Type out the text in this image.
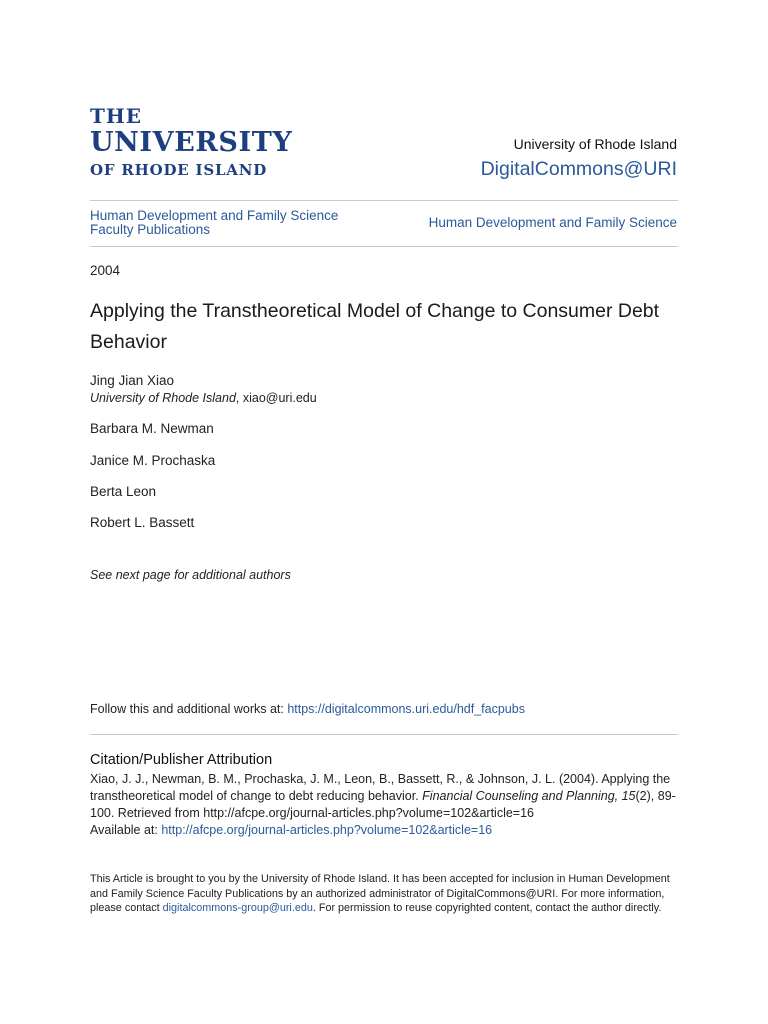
THE
UNIVERSITY
OF RHODE ISLAND
University of Rhode Island
DigitalCommons@URI
Human Development and Family Science Faculty Publications	Human Development and Family Science
2004
Applying the Transtheoretical Model of Change to Consumer Debt Behavior
Jing Jian Xiao
University of Rhode Island, xiao@uri.edu
Barbara M. Newman
Janice M. Prochaska
Berta Leon
Robert L. Bassett
See next page for additional authors
Follow this and additional works at: https://digitalcommons.uri.edu/hdf_facpubs
Citation/Publisher Attribution
Xiao, J. J., Newman, B. M., Prochaska, J. M., Leon, B., Bassett, R., & Johnson, J. L. (2004). Applying the transtheoretical model of change to debt reducing behavior. Financial Counseling and Planning, 15(2), 89-100. Retrieved from http://afcpe.org/journal-articles.php?volume=102&article=16
Available at: http://afcpe.org/journal-articles.php?volume=102&article=16
This Article is brought to you by the University of Rhode Island. It has been accepted for inclusion in Human Development and Family Science Faculty Publications by an authorized administrator of DigitalCommons@URI. For more information, please contact digitalcommons-group@uri.edu. For permission to reuse copyrighted content, contact the author directly.
